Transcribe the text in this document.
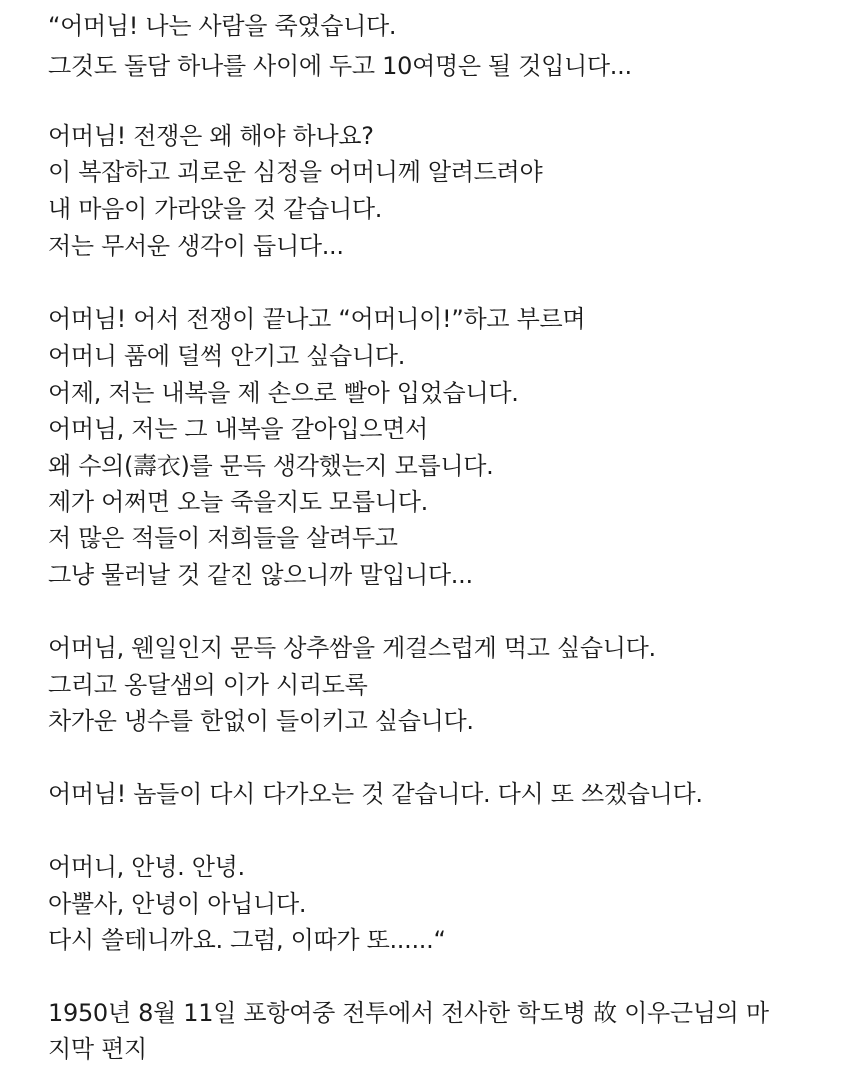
“어머님! 나는 사람을 죽였습니다.
그것도 돌담 하나를 사이에 두고 10여명은 될 것입니다...
어머님! 전쟁은 왜 해야 하나요?
이 복잡하고 괴로운 심정을 어머니께 알려드려야
내 마음이 가라앉을 것 같습니다.
저는 무서운 생각이 듭니다...
어머님! 어서 전쟁이 끝나고 “어머니이!”하고 부르며
어머니 품에 덜썩 안기고 싶습니다.
어제, 저는 내복을 제 손으로 빨아 입었습니다.
어머님, 저는 그 내복을 갈아입으면서
왜 수의(壽衣)를 문득 생각했는지 모릅니다.
제가 어쩌면 오늘 죽을지도 모릅니다.
저 많은 적들이 저희들을 살려두고
그냥 물러날 것 같진 않으니까 말입니다...
어머님, 웬일인지 문득 상추쌈을 게걸스럽게 먹고 싶습니다.
그리고 옹달샘의 이가 시리도록
차가운 냉수를 한없이 들이키고 싶습니다.
어머님! 놈들이 다시 다가오는 것 같습니다. 다시 또 쓰겠습니다.
어머니, 안녕. 안녕.
아뿔사, 안녕이 아닙니다.
다시 쓸테니까요. 그럼, 이따가 또......“
1950년 8월 11일 포항여중 전투에서 전사한 학도병 故 이우근님의 마
지막 편지
